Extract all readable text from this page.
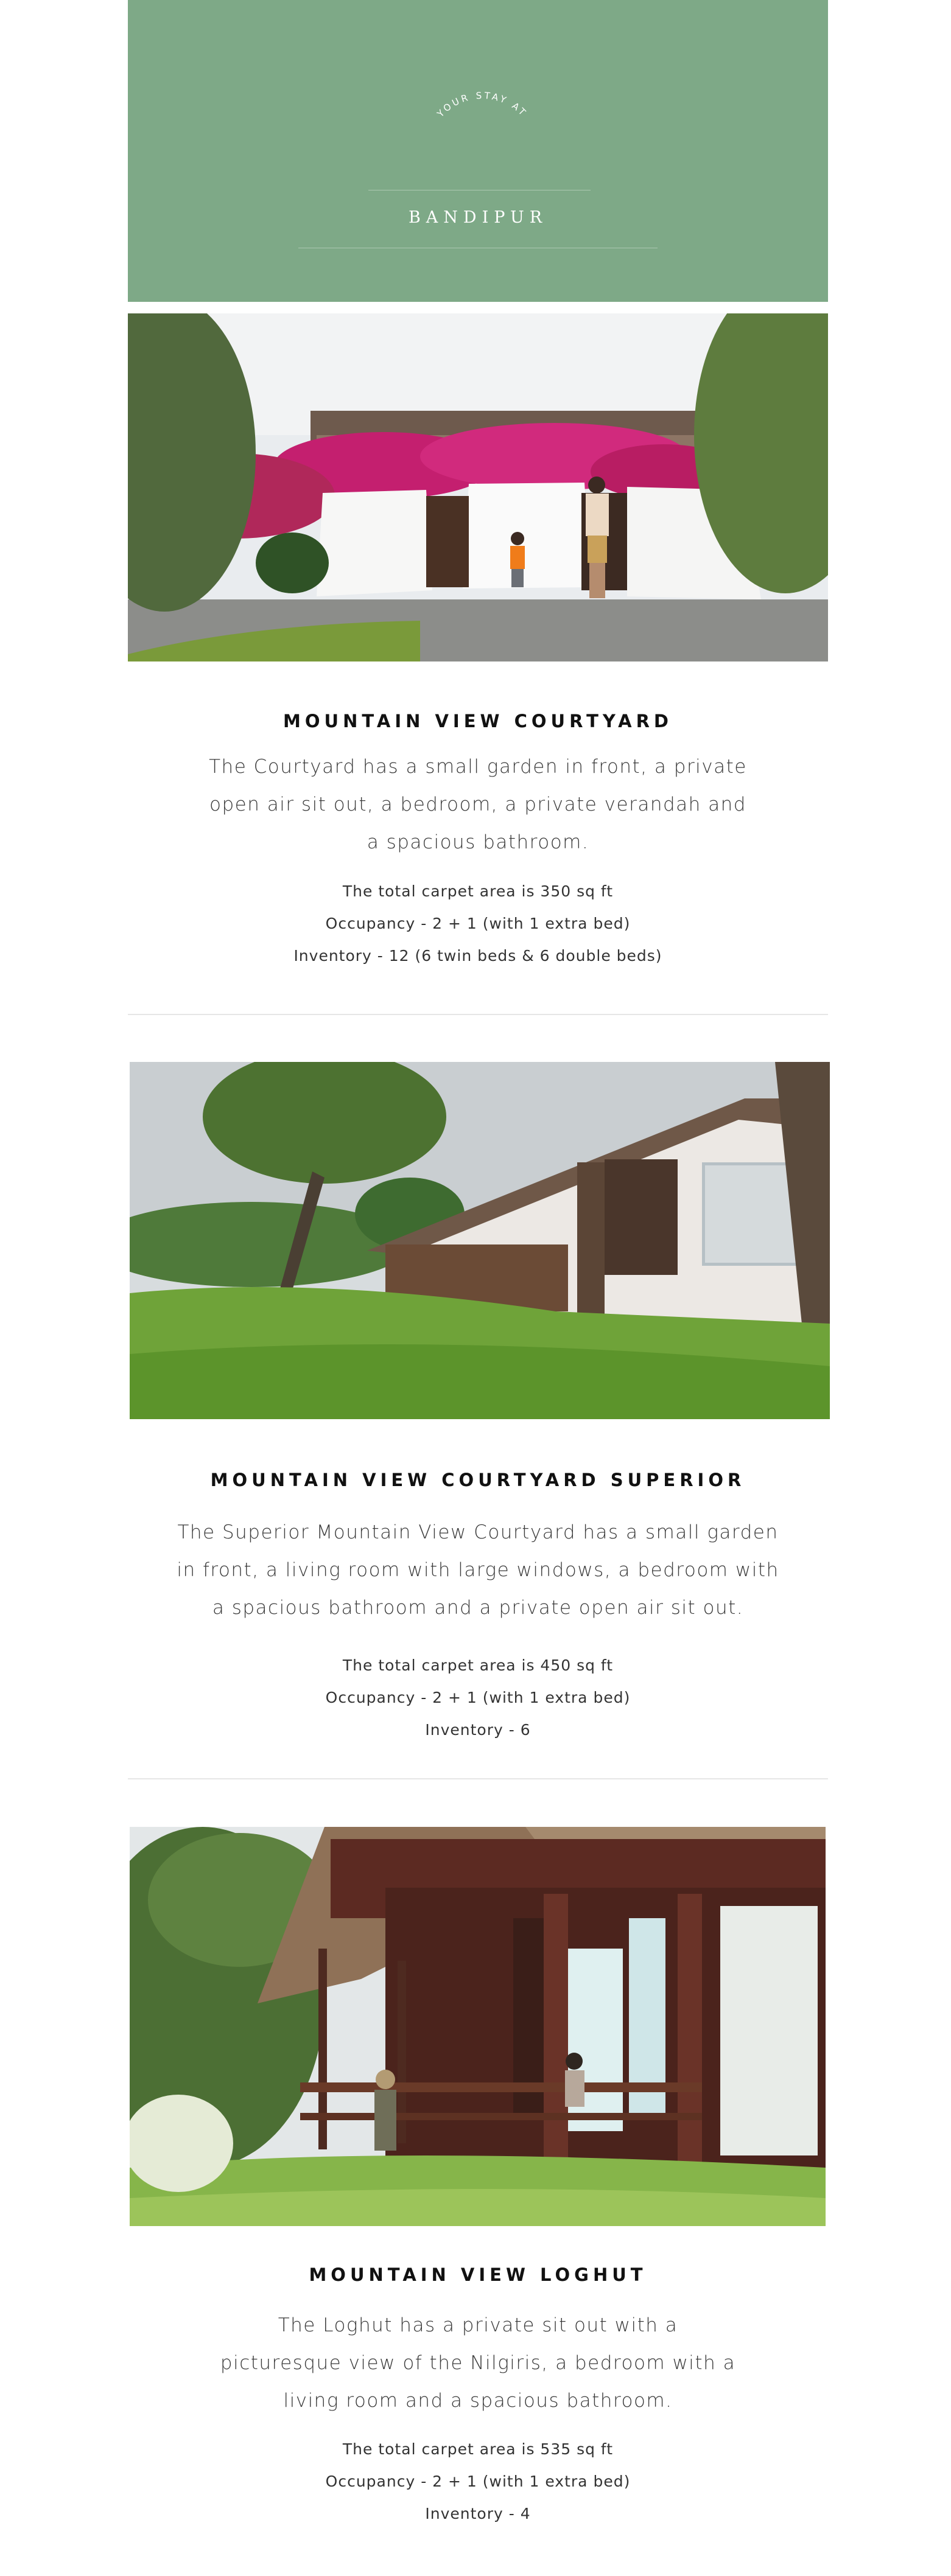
YOUR STAY AT
BANDIPUR
MOUNTAIN VIEW COURTYARD
The Courtyard has a small garden in front, a private open air sit out, a bedroom, a private verandah and a spacious bathroom.
The total carpet area is 350 sq ft
Occupancy - 2 + 1 (with 1 extra bed)
Inventory - 12 (6 twin beds & 6 double beds)
MOUNTAIN VIEW COURTYARD SUPERIOR
The Superior Mountain View Courtyard has a small garden in front, a living room with large windows, a bedroom with a spacious bathroom and a private open air sit out.
The total carpet area is 450 sq ft
Occupancy - 2 + 1 (with 1 extra bed)
Inventory - 6
MOUNTAIN VIEW LOGHUT
The Loghut has a private sit out with a picturesque view of the Nilgiris, a bedroom with a living room and a spacious bathroom.
The total carpet area is 535 sq ft
Occupancy - 2 + 1 (with 1 extra bed)
Inventory - 4
